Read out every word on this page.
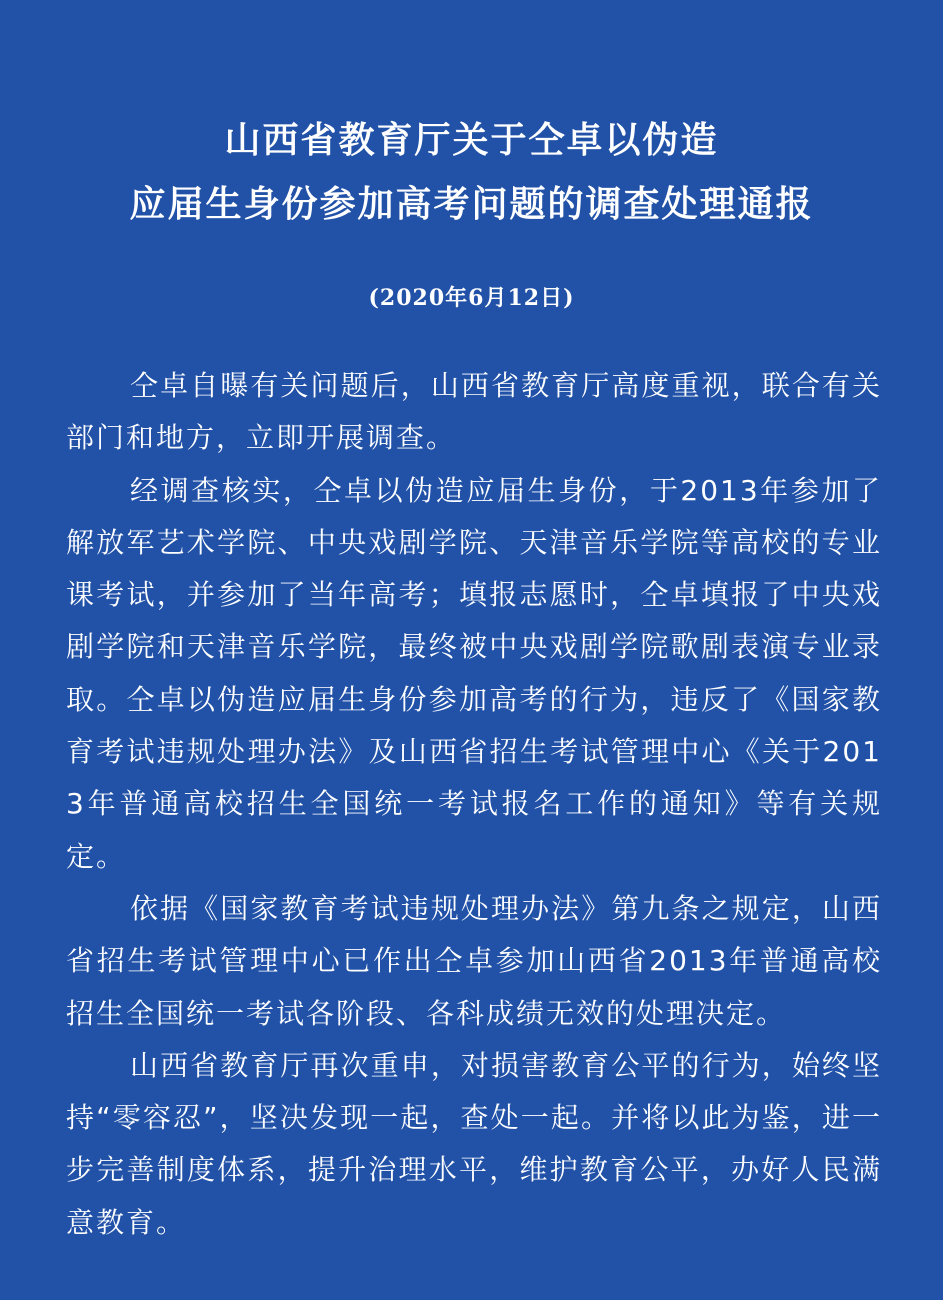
山西省教育厅关于仝卓以伪造
应届生身份参加高考问题的调查处理通报
(2020年6月12日)

仝卓自曝有关问题后，山西省教育厅高度重视，联合有关部门和地方，立即开展调查。

经调查核实，仝卓以伪造应届生身份，于2013年参加了解放军艺术学院、中央戏剧学院、天津音乐学院等高校的专业课考试，并参加了当年高考；填报志愿时，仝卓填报了中央戏剧学院和天津音乐学院，最终被中央戏剧学院歌剧表演专业录取。仝卓以伪造应届生身份参加高考的行为，违反了《国家教育考试违规处理办法》及山西省招生考试管理中心《关于2013年普通高校招生全国统一考试报名工作的通知》等有关规定。

依据《国家教育考试违规处理办法》第九条之规定，山西省招生考试管理中心已作出仝卓参加山西省2013年普通高校招生全国统一考试各阶段、各科成绩无效的处理决定。

山西省教育厅再次重申，对损害教育公平的行为，始终坚持“零容忍”，坚决发现一起，查处一起。并将以此为鉴，进一步完善制度体系，提升治理水平，维护教育公平，办好人民满意教育。
